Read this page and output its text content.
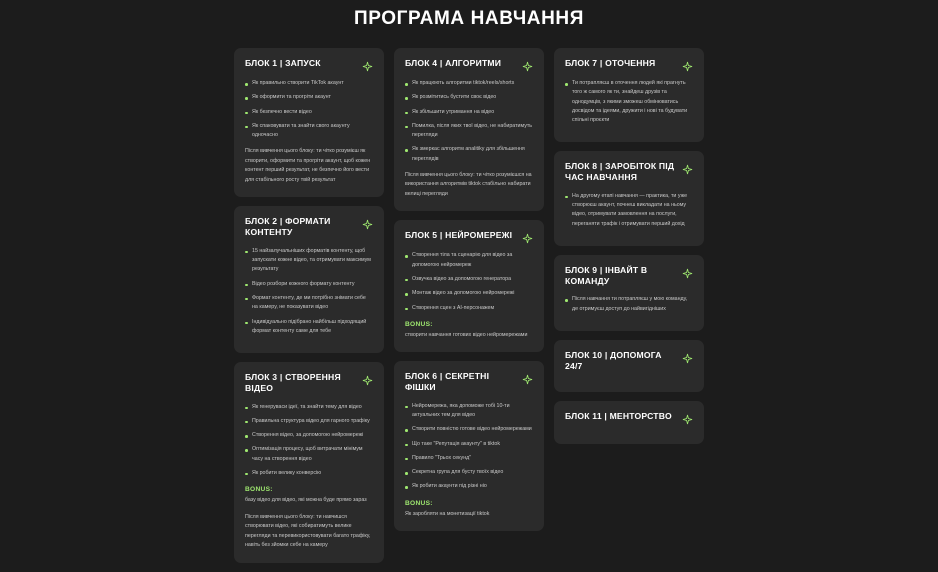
ПРОГРАМА НАВЧАННЯ
БЛОК 1 | ЗАПУСК
Як правильно створити TikTok акаунт
Як оформити та прогріти акаунт
Як безпечно вести відео
Як спаковувати та знайти свого акаунту одночасно
Після вивчення цього блоку: ти чітко розумієш як створити, оформити та прогріти акаунт, щоб кожен контент перший результат, не безпечно його вести для стабільного росту твій результат
БЛОК 2 | ФОРМАТИ КОНТЕНТУ
15 найзалучальніших форматів контенту, щоб запускати кожне відео, та отримувати максимум результату
Відео розбори кожного формату контенту
Формат контенту, де ми потрібно знімати себе на камеру, не показувати відео
Індивідуально підібрано найбільш підходящий формат контенту саме для тебе
БЛОК 3 | СТВОРЕННЯ ВІДЕО
Як генеруваси ідеї, та знайти тему для відео
Правильна структура відео для гарного трафіку
Створення відео, за допомогою нейромережі
Оптимізація процесу, щоб витрачати мінімум часу на створення відео
Як робити велику конверсію
BONUS:
базу відео для відео, які можна буде прямо зараз
Після вивчення цього блоку: ти навчишся створювати відео, які собиратимуть велике перегляди та перевикористовувати багато трафіку, навіть без зйомки себе на камеру
БЛОК 4 | АЛГОРИТМИ
Як працюють алгоритми tiktok/reels/shorts
Як розмітитись бустити своє відео
Як збільшити утримання на відео
Помилка, після яких твої відео, не набиратимуть перегляди
Як змеркас алгоритм analitiky для збільшення переглядів
Після вивчення цього блоку: ти чітко розумієшся на використання алгоритмів tiktok стабільно набирати велиці перегляди
БЛОК 5 | НЕЙРОМЕРЕЖІ
Створення тіла та сценарію для відео за допомогою нейромереж
Озвучка відео за допомогою генератора
Монтаж відео за допомогою нейромережі
Створення сцен з АІ-персонажем
BONUS:
створити навчання готових відео нейромережами
БЛОК 6 | СЕКРЕТНІ ФІШКИ
Нейромережа, яка допоможе тобі 10-ти актуальних тем для відео
Створити повністю готове відео нейромережами
Що таке "Репутація акаунту" в tiktok
Правило "Трьох секунд"
Секретна група для бусту твоїх відео
Як робити акаунти під різні ніо
BONUS:
Як заробляти на монетизації tiktok
БЛОК 7 | ОТОЧЕННЯ
Ти потрапляєш в оточення людей які прагнуть того ж самого як ти, знайдеш друзів та однодумців, з якими зможеш обмінюватись досвідом та ідеями, дружити і нові та будувати спільні проєкти
БЛОК 8 | ЗАРОБІТОК ПІД ЧАС НАВЧАННЯ
На другому етапі навчання — практика, ти уже створюєш акаунт, почнеш викладати на ньому відео, отримувати замовлення на послуги, переганяти трафік і отримувати перший дохід
БЛОК 9 | ІНВАЙТ В КОМАНДУ
Після навчання ти потрапляєш у мою команду, де отримуєш доступ до найвигідніших
БЛОК 10 | ДОПОМОГА 24/7
БЛОК 11 | МЕНТОРСТВО
